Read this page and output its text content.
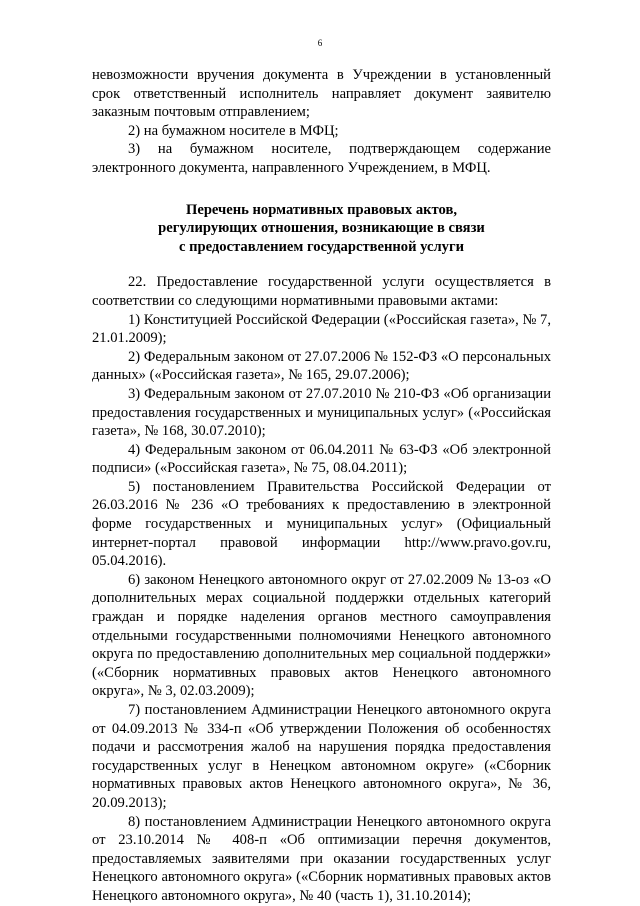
6

невозможности вручения документа в Учреждении в установленный срок ответственный исполнитель направляет документ заявителю заказным почтовым отправлением;

2) на бумажном носителе в МФЦ;

3) на бумажном носителе, подтверждающем содержание электронного документа, направленного Учреждением, в МФЦ.

Перечень нормативных правовых актов,
регулирующих отношения, возникающие в связи
с предоставлением государственной услуги

22. Предоставление государственной услуги осуществляется в соответствии со следующими нормативными правовыми актами:

1) Конституцией Российской Федерации («Российская газета», № 7, 21.01.2009);

2) Федеральным законом от 27.07.2006 № 152-ФЗ «О персональных данных» («Российская газета», № 165, 29.07.2006);

3) Федеральным законом от 27.07.2010 № 210-ФЗ «Об организации предоставления государственных и муниципальных услуг» («Российская газета», № 168, 30.07.2010);

4) Федеральным законом от 06.04.2011 № 63-ФЗ «Об электронной подписи» («Российская газета», № 75, 08.04.2011);

5) постановлением Правительства Российской Федерации от 26.03.2016 № 236 «О требованиях к предоставлению в электронной форме государственных и муниципальных услуг» (Официальный интернет-портал правовой информации http://www.pravo.gov.ru, 05.04.2016).

6) законом Ненецкого автономного округ от 27.02.2009 № 13-оз «О дополнительных мерах социальной поддержки отдельных категорий граждан и порядке наделения органов местного самоуправления отдельными государственными полномочиями Ненецкого автономного округа по предоставлению дополнительных мер социальной поддержки» («Сборник нормативных правовых актов Ненецкого автономного округа», № 3, 02.03.2009);

7) постановлением Администрации Ненецкого автономного округа от 04.09.2013 № 334-п «Об утверждении Положения об особенностях подачи и рассмотрения жалоб на нарушения порядка предоставления государственных услуг в Ненецком автономном округе» («Сборник нормативных правовых актов Ненецкого автономного округа», № 36, 20.09.2013);

8) постановлением Администрации Ненецкого автономного округа от 23.10.2014 № 408-п «Об оптимизации перечня документов, предоставляемых заявителями при оказании государственных услуг Ненецкого автономного округа» («Сборник нормативных правовых актов Ненецкого автономного округа», № 40 (часть 1), 31.10.2014);
